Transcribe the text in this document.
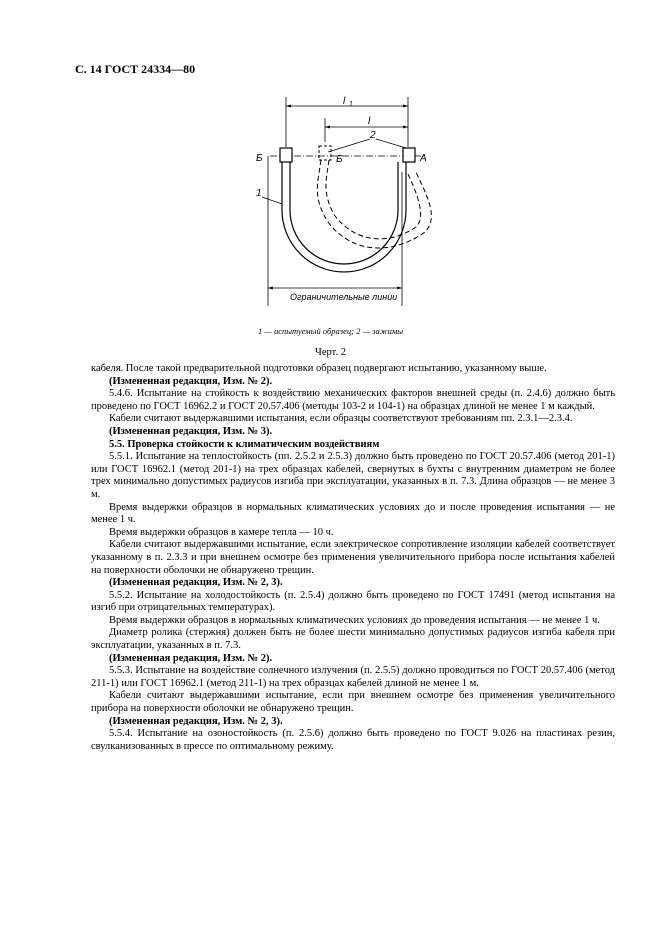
С. 14 ГОСТ 24334—80
l 1
l
2
Б	Б	А
1
Ограничительные линии
1 — испытуемый образец; 2 — зажимы
Черт. 2

кабеля. После такой предварительной подготовки образец подвергают испытанию, указанному выше.

(Измененная редакция, Изм. № 2).

5.4.6. Испытание на стойкость к воздействию механических факторов внешней среды (п. 2.4.6) должно быть проведено по ГОСТ 16962.2 и ГОСТ 20.57.406 (методы 103-2 и 104-1) на образцах длиной не менее 1 м каждый.

Кабели считают выдержавшими испытания, если образцы соответствуют требованиям пп. 2.3.1—2.3.4.

(Измененная редакция, Изм. № 3).

5.5. Проверка стойкости к климатическим воздействиям

5.5.1. Испытание на теплостойкость (пп. 2.5.2 и 2.5.3) должно быть проведено по ГОСТ 20.57.406 (метод 201-1) или ГОСТ 16962.1 (метод 201-1) на трех образцах кабелей, свернутых в бухты с внутренним диаметром не более трех минимально допустимых радиусов изгиба при эксплуатации, указанных в п. 7.3. Длина образцов — не менее 3 м.

Время выдержки образцов в нормальных климатических условиях до и после проведения испытания — не менее 1 ч.

Время выдержки образцов в камере тепла — 10 ч.

Кабели считают выдержавшими испытание, если электрическое сопротивление изоляции кабелей соответствует указанному в п. 2.3.3 и при внешнем осмотре без применения увеличительного прибора после испытания кабелей на поверхности оболочки не обнаружено трещин.

(Измененная редакция, Изм. № 2, 3).

5.5.2. Испытание на холодостойкость (п. 2.5.4) должно быть проведено по ГОСТ 17491 (метод испытания на изгиб при отрицательных температурах).

Время выдержки образцов в нормальных климатических условиях до проведения испытания — не менее 1 ч.

Диаметр ролика (стержня) должен быть не более шести минимально допустимых радиусов изгиба кабеля при эксплуатации, указанных в п. 7.3.

(Измененная редакция, Изм. № 2).

5.5.3. Испытание на воздействие солнечного излучения (п. 2.5.5) должно проводиться по ГОСТ 20.57.406 (метод 211-1) или ГОСТ 16962.1 (метод 211-1) на трех образцах кабелей длиной не менее 1 м.

Кабели считают выдержавшими испытание, если при внешнем осмотре без применения увеличительного прибора на поверхности оболочки не обнаружено трещин.

(Измененная редакция, Изм. № 2, 3).

5.5.4. Испытание на озоностойкость (п. 2.5.6) должно быть проведено по ГОСТ 9.026 на пластинах резин, свулканизованных в прессе по оптимальному режиму.
